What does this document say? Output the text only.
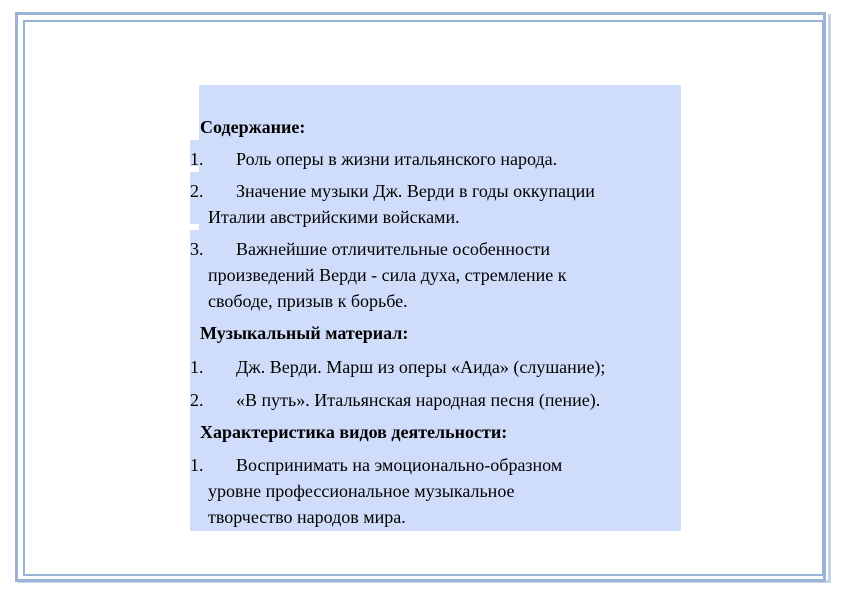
Содержание:
1. Роль оперы в жизни итальянского народа.
2. Значение музыки Дж. Верди в годы оккупации
Италии австрийскими войсками.
3. Важнейшие отличительные особенности
произведений Верди - сила духа, стремление к
свободе, призыв к борьбе.
Музыкальный материал:
1. Дж. Верди. Марш из оперы «Аида» (слушание);
2. «В путь». Итальянская народная песня (пение).
Характеристика видов деятельности:
1. Воспринимать на эмоционально-образном
уровне профессиональное музыкальное
творчество народов мира.
